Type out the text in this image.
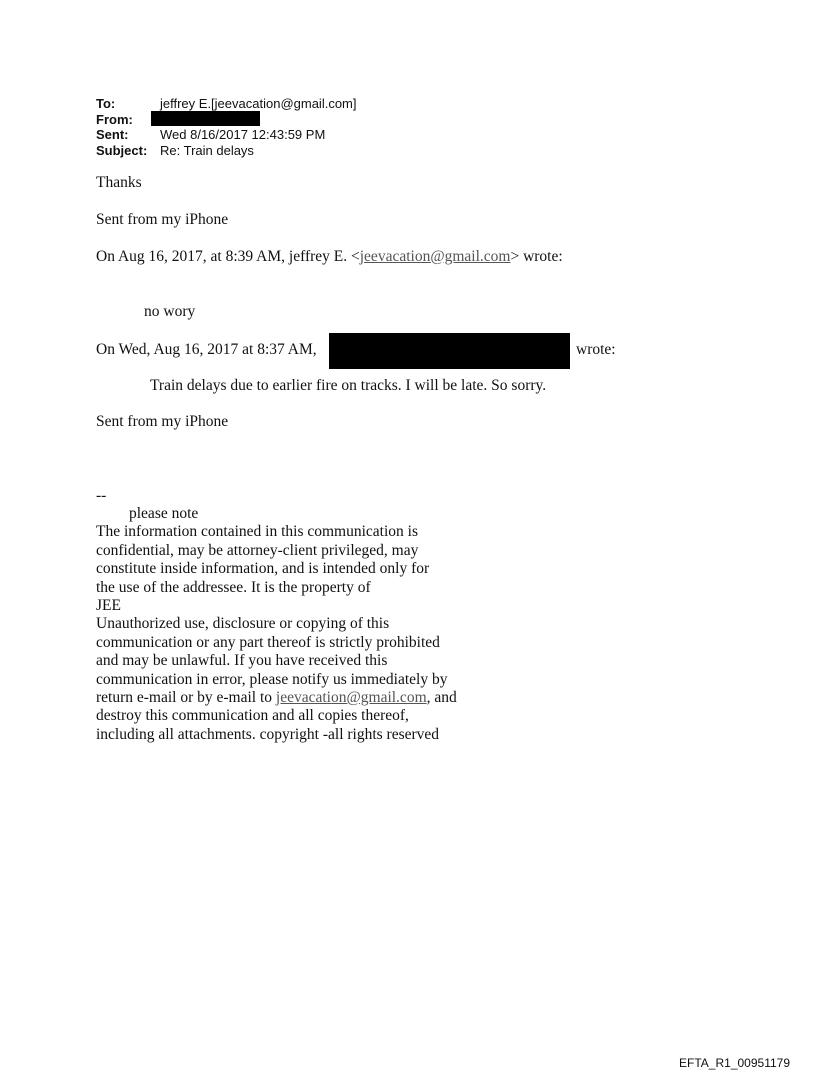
To:	jeffrey E.[jeevacation@gmail.com]
From:
Sent: Wed 8/16/2017 12:43:59 PM
Subject: Re: Train delays
Thanks
Sent from my iPhone
On Aug 16, 2017, at 8:39 AM, jeffrey E. <jeevacation@gmail.com> wrote:
no wory
On Wed, Aug 16, 2017 at 8:37 AM,	wrote:
Train delays due to earlier fire on tracks. I will be late. So sorry.
Sent from my iPhone
--
please note
The information contained in this communication is
confidential, may be attorney-client privileged, may
constitute inside information, and is intended only for
the use of the addressee. It is the property of
JEE
Unauthorized use, disclosure or copying of this
communication or any part thereof is strictly prohibited
and may be unlawful. If you have received this
communication in error, please notify us immediately by
return e-mail or by e-mail to jeevacation@gmail.com, and
destroy this communication and all copies thereof,
including all attachments. copyright -all rights reserved
EFTA_R1_00951179
